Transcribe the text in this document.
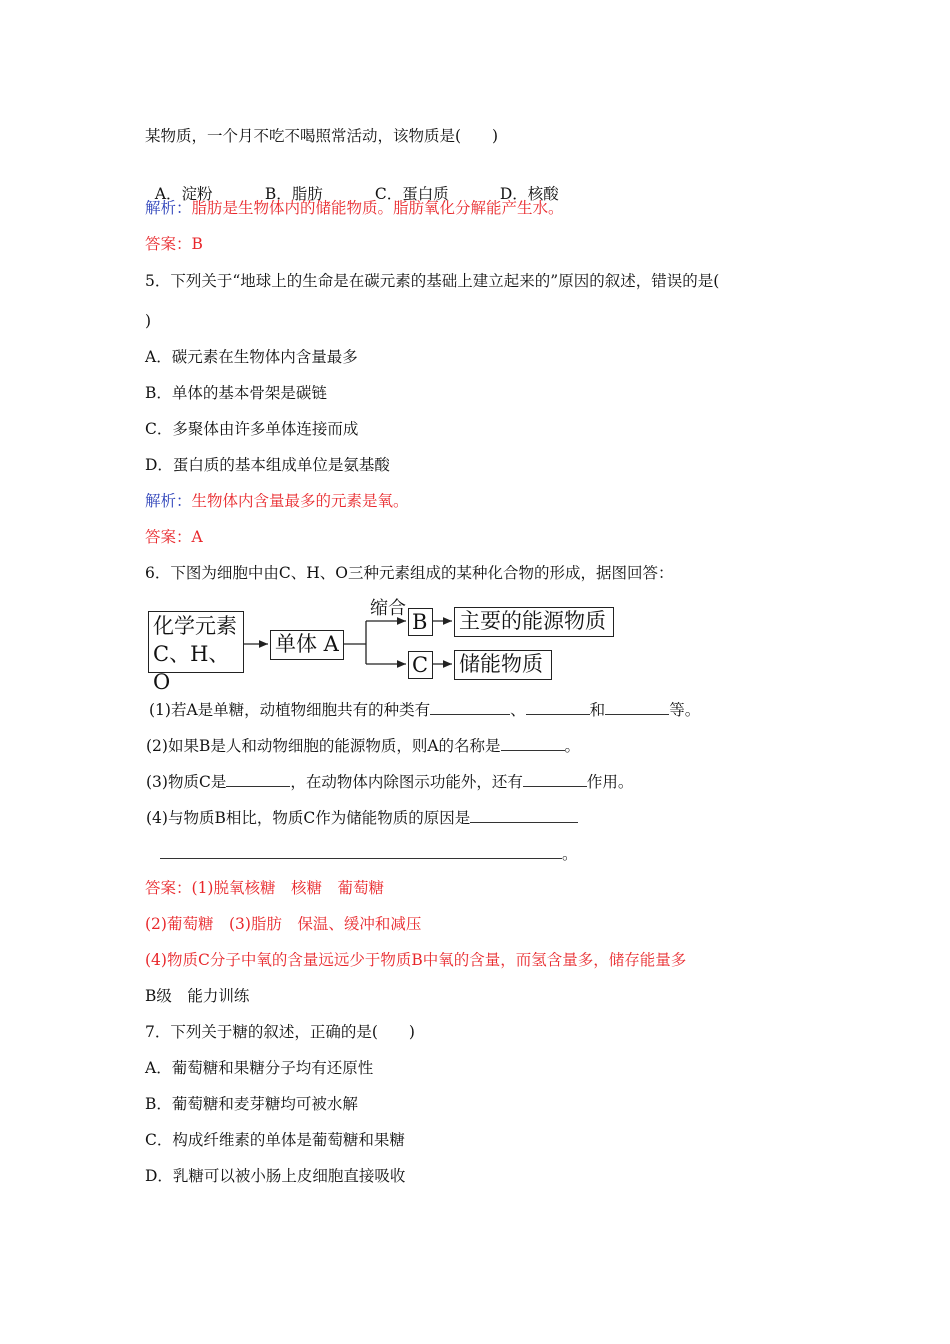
某物质，一个月不吃不喝照常活动，该物质是(　　)

A．淀粉	B．脂肪	C．蛋白质	D．核酸

解析：脂肪是生物体内的储能物质。脂肪氧化分解能产生水。
答案：B
5．下列关于“地球上的生命是在碳元素的基础上建立起来的”原因的叙述，错误的是(
)
A．碳元素在生物体内含量最多
B．单体的基本骨架是碳链
C．多聚体由许多单体连接而成
D．蛋白质的基本组成单位是氨基酸
解析：生物体内含量最多的元素是氧。
答案：A
6．下图为细胞中由C、H、O三种元素组成的某种化合物的形成，据图回答：
化学元素
C、H、O
单体 A
缩合
B
C
主要的能源物质
储能物质
(1)若A是单糖，动植物细胞共有的种类有	、	和	等。
(2)如果B是人和动物细胞的能源物质，则A的名称是	。
(3)物质C是	，在动物体内除图示功能外，还有	作用。
(4)与物质B相比，物质C作为储能物质的原因是
。
答案：(1)脱氧核糖　核糖　葡萄糖
(2)葡萄糖　(3)脂肪　保温、缓冲和减压
(4)物质C分子中氧的含量远远少于物质B中氧的含量，而氢含量多，储存能量多
B级　能力训练
7．下列关于糖的叙述，正确的是(　　)
A．葡萄糖和果糖分子均有还原性
B．葡萄糖和麦芽糖均可被水解
C．构成纤维素的单体是葡萄糖和果糖
D．乳糖可以被小肠上皮细胞直接吸收
